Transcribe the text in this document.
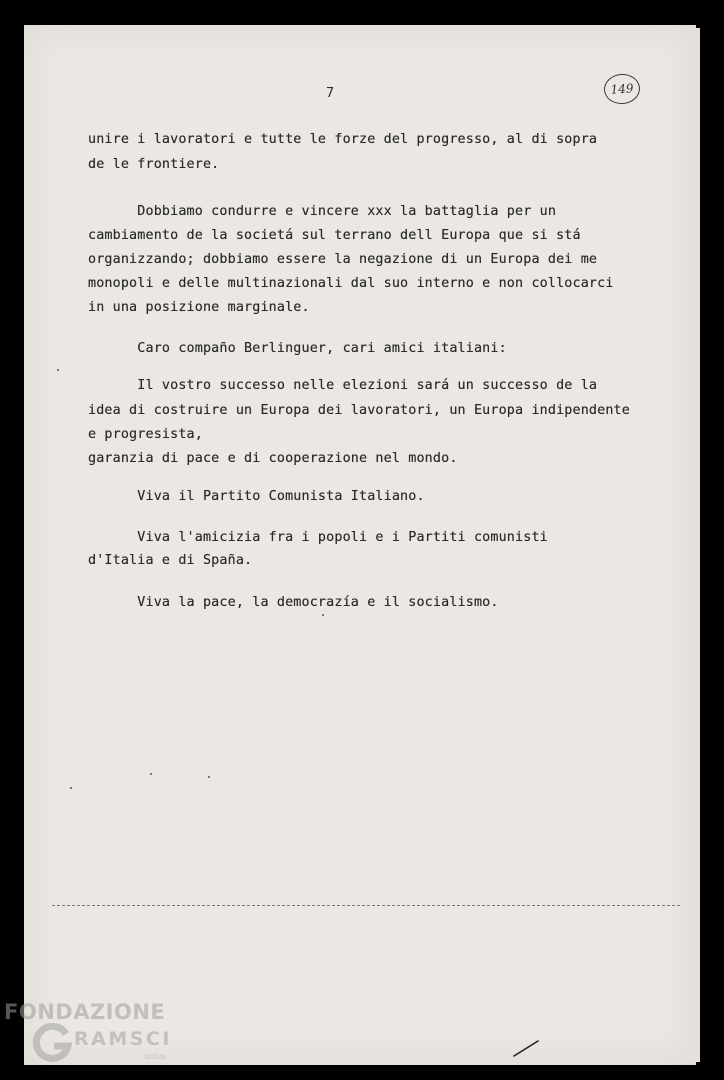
7	149
unire i lavoratori e tutte le forze del progresso, al di sopra
de le frontiere.
Dobbiamo condurre e vincere xxx la battaglia per un
cambiamento de la societá sul terrano dell Europa que si stá
organizzando; dobbiamo essere la negazione di un Europa dei me
monopoli e delle multinazionali dal suo interno e non collocarci
in una posizione marginale.
Caro compaño Berlinguer, cari amici italiani:
Il vostro successo nelle elezioni sará un successo de la
idea di costruire un Europa dei lavoratori, un Europa indipendente
e progresista,
garanzia di pace e di cooperazione nel mondo.
Viva il Partito Comunista Italiano.
Viva l'amicizia fra i popoli e i Partiti comunisti
d'Italia e di Spaña.
Viva la pace, la democrazía e il socialismo.
FONDAZIONE
RAMSCI
onlus
